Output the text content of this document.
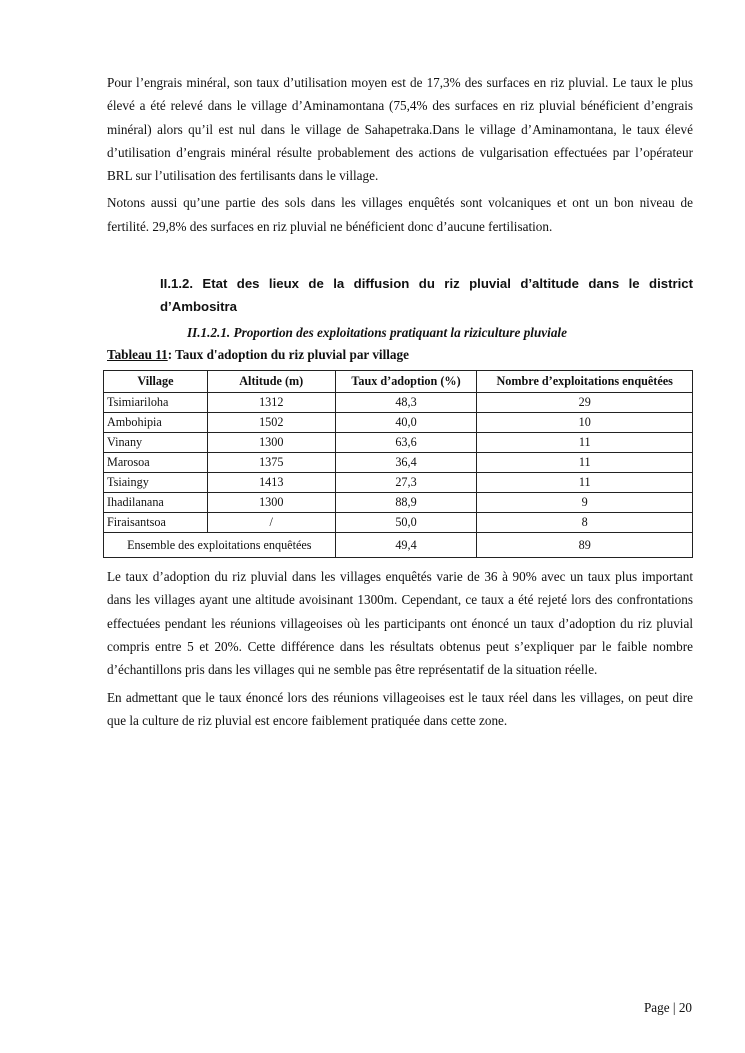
Pour l’engrais minéral, son taux d’utilisation moyen est de 17,3% des surfaces en riz pluvial. Le taux le plus élevé a été relevé dans le village d’Aminamontana (75,4% des surfaces en riz pluvial bénéficient d’engrais minéral) alors qu’il est nul dans le village de Sahapetraka.Dans le village d’Aminamontana, le taux élevé d’utilisation d’engrais minéral résulte probablement des actions de vulgarisation effectuées par l’opérateur BRL sur l’utilisation des fertilisants dans le village.

Notons aussi qu’une partie des sols dans les villages enquêtés sont volcaniques et ont un bon niveau de fertilité. 29,8% des surfaces en riz pluvial ne bénéficient donc d’aucune fertilisation.

II.1.2. Etat des lieux de la diffusion du riz pluvial d’altitude dans le district d’Ambositra
II.1.2.1. Proportion des exploitations pratiquant la riziculture pluviale
Tableau 11: Taux d'adoption du riz pluvial par village
Village	Altitude (m)	Taux d’adoption (%)	Nombre d’exploitations enquêtées
Tsimiariloha	1312	48,3	29
Ambohipia	1502	40,0	10
Vinany	1300	63,6	11
Marosoa	1375	36,4	11
Tsiaingy	1413	27,3	11
Ihadilanana	1300	88,9	9
Firaisantsoa	/	50,0	8
Ensemble des exploitations enquêtées		49,4	89

Le taux d’adoption du riz pluvial dans les villages enquêtés varie de 36 à 90% avec un taux plus important dans les villages ayant une altitude avoisinant 1300m. Cependant, ce taux a été rejeté lors des confrontations effectuées pendant les réunions villageoises où les participants ont énoncé un taux d’adoption du riz pluvial compris entre 5 et 20%. Cette différence dans les résultats obtenus peut s’expliquer par le faible nombre d’échantillons pris dans les villages qui ne semble pas être représentatif de la situation réelle.

En admettant que le taux énoncé lors des réunions villageoises est le taux réel dans les villages, on peut dire que la culture de riz pluvial est encore faiblement pratiquée dans cette zone.

Page | 20
